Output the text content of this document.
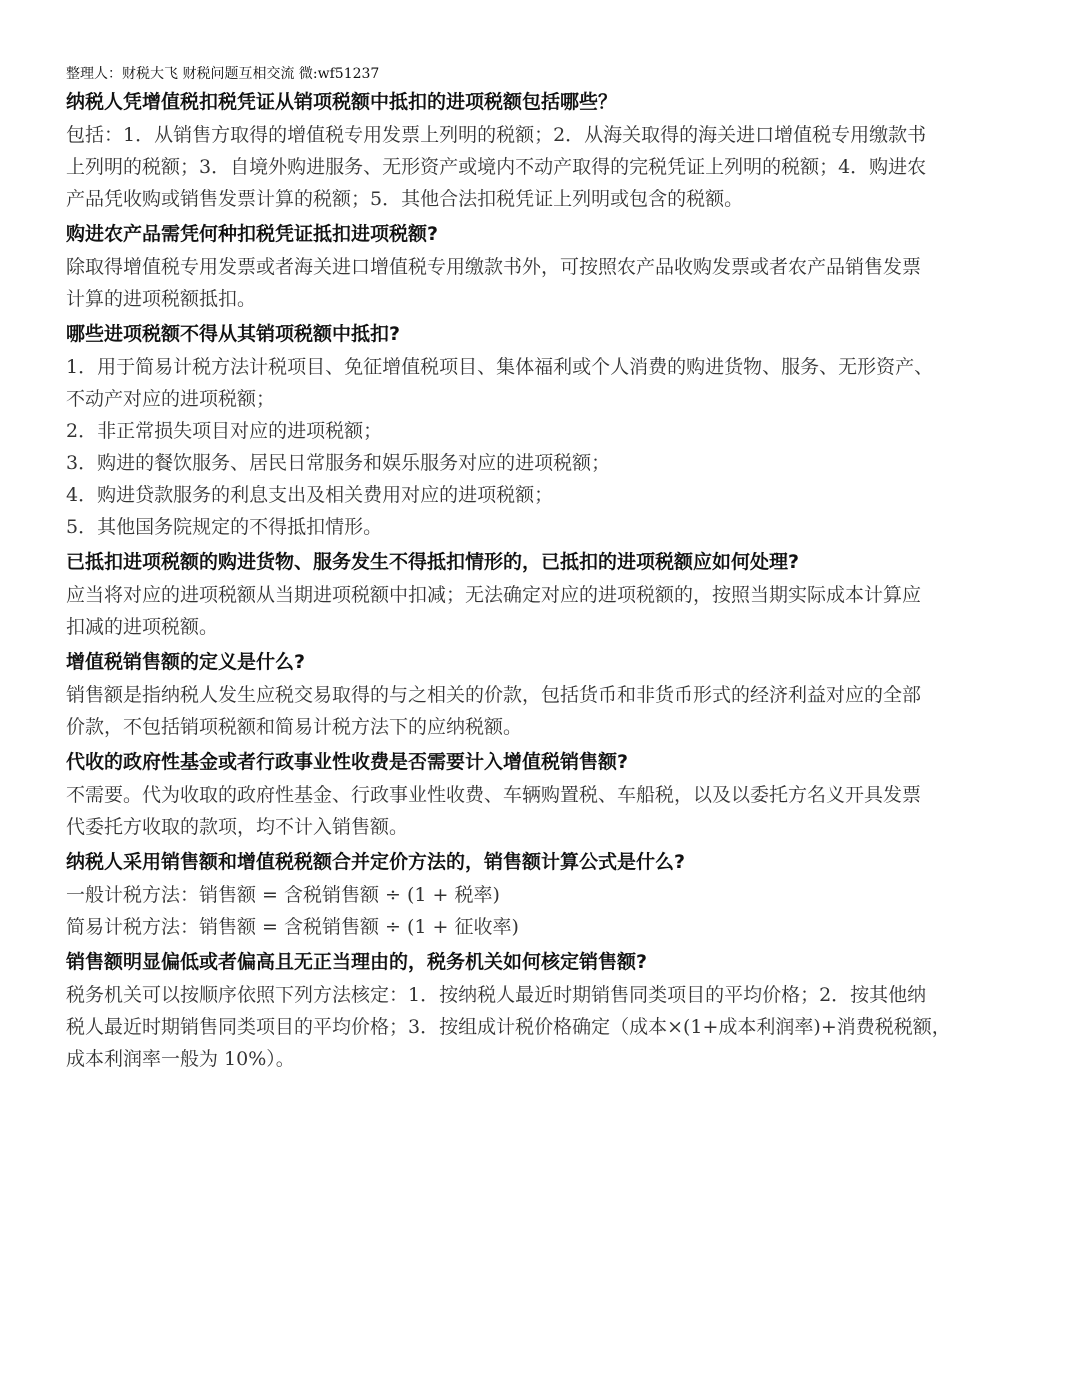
整理人：财税大飞 财税问题互相交流 微:wf51237
纳税人凭增值税扣税凭证从销项税额中抵扣的进项税额包括哪些？
包括：1．从销售方取得的增值税专用发票上列明的税额；2．从海关取得的海关进口增值税专用缴款书
上列明的税额；3．自境外购进服务、无形资产或境内不动产取得的完税凭证上列明的税额；4．购进农
产品凭收购或销售发票计算的税额；5．其他合法扣税凭证上列明或包含的税额。
购进农产品需凭何种扣税凭证抵扣进项税额?
除取得增值税专用发票或者海关进口增值税专用缴款书外，可按照农产品收购发票或者农产品销售发票
计算的进项税额抵扣。
哪些进项税额不得从其销项税额中抵扣?
1．用于简易计税方法计税项目、免征增值税项目、集体福利或个人消费的购进货物、服务、无形资产、
不动产对应的进项税额；
2．非正常损失项目对应的进项税额；
3．购进的餐饮服务、居民日常服务和娱乐服务对应的进项税额；
4．购进贷款服务的利息支出及相关费用对应的进项税额；
5．其他国务院规定的不得抵扣情形。
已抵扣进项税额的购进货物、服务发生不得抵扣情形的，已抵扣的进项税额应如何处理?
应当将对应的进项税额从当期进项税额中扣减；无法确定对应的进项税额的，按照当期实际成本计算应
扣减的进项税额。
增值税销售额的定义是什么?
销售额是指纳税人发生应税交易取得的与之相关的价款，包括货币和非货币形式的经济利益对应的全部
价款，不包括销项税额和简易计税方法下的应纳税额。
代收的政府性基金或者行政事业性收费是否需要计入增值税销售额?
不需要。代为收取的政府性基金、行政事业性收费、车辆购置税、车船税，以及以委托方名义开具发票
代委托方收取的款项，均不计入销售额。
纳税人采用销售额和增值税税额合并定价方法的，销售额计算公式是什么?
一般计税方法：销售额 = 含税销售额 ÷ (1 + 税率)
简易计税方法：销售额 = 含税销售额 ÷ (1 + 征收率)
销售额明显偏低或者偏高且无正当理由的，税务机关如何核定销售额?
税务机关可以按顺序依照下列方法核定：1．按纳税人最近时期销售同类项目的平均价格；2．按其他纳
税人最近时期销售同类项目的平均价格；3．按组成计税价格确定（成本×(1+成本利润率)+消费税税额，
成本利润率一般为 10%）。
